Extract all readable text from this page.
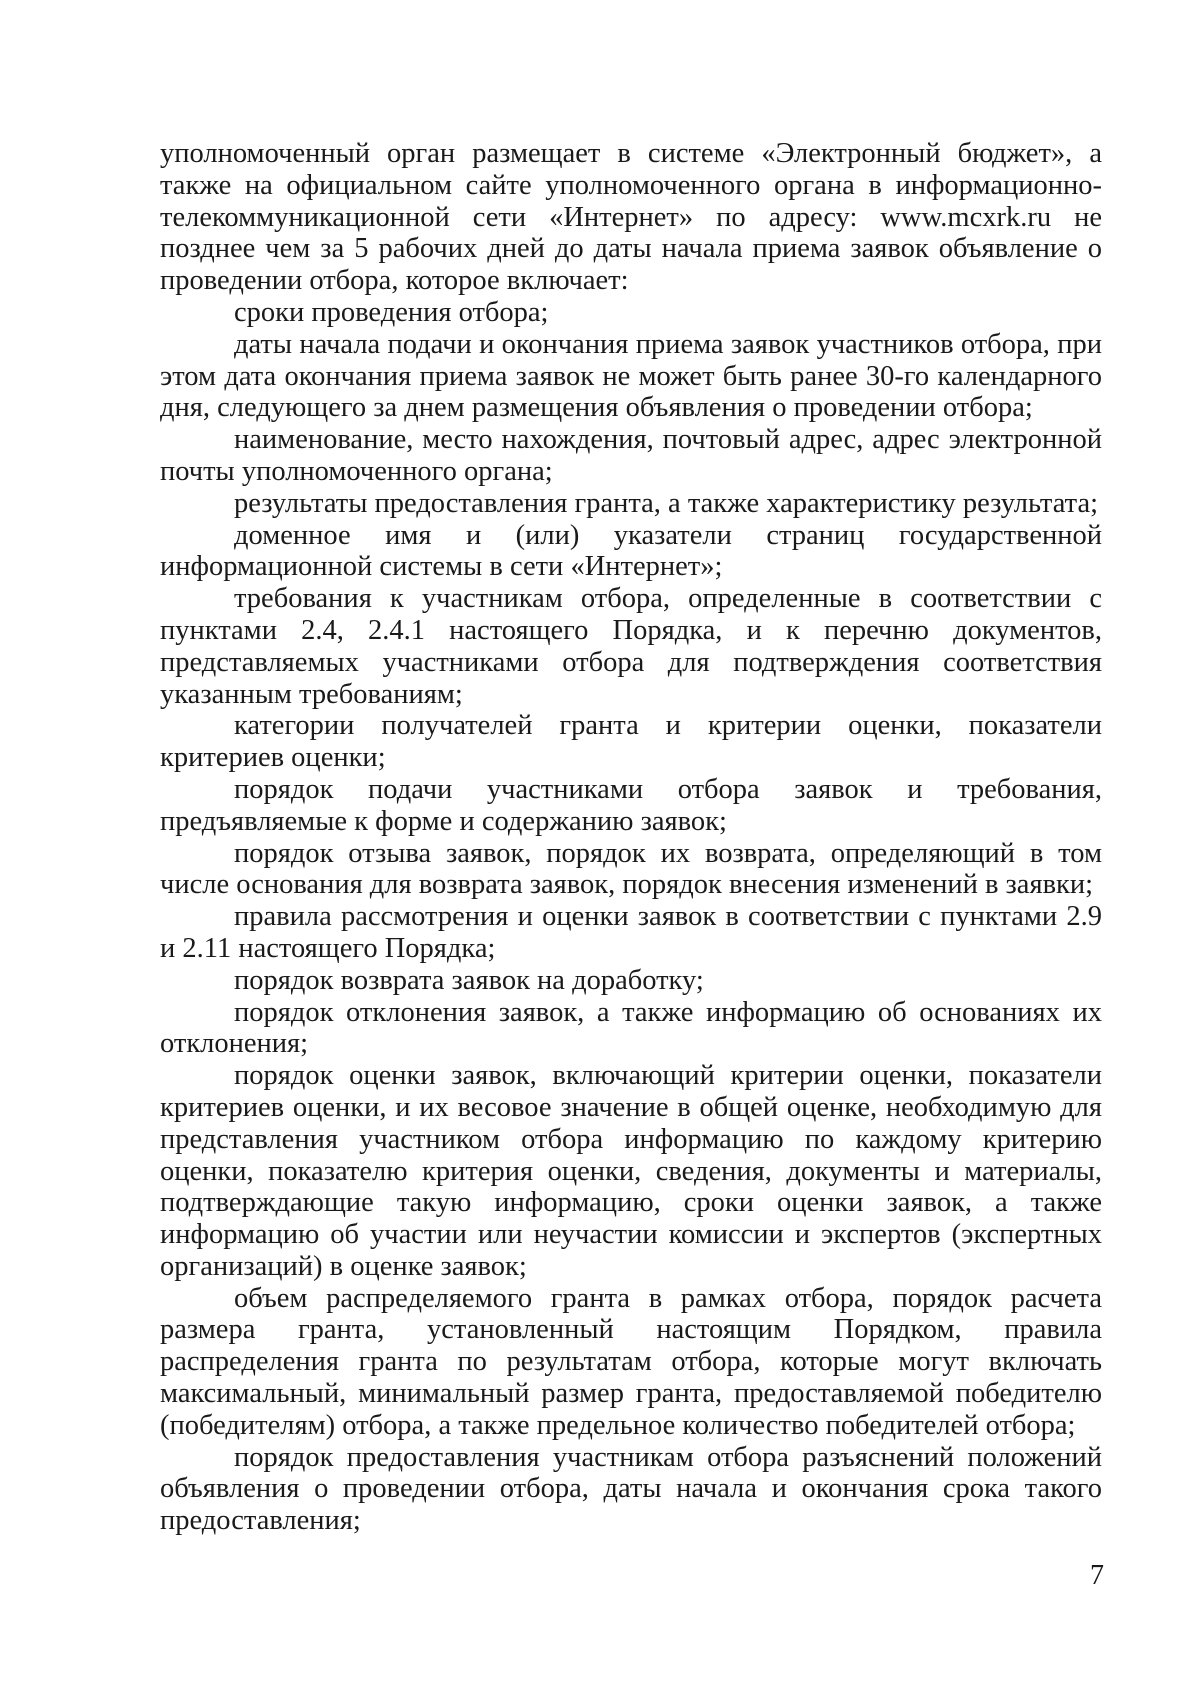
уполномоченный орган размещает в системе «Электронный бюджет», а также на официальном сайте уполномоченного органа в информационно-телекоммуникационной сети «Интернет» по адресу: www.mcxrk.ru не позднее чем за 5 рабочих дней до даты начала приема заявок объявление о проведении отбора, которое включает:

сроки проведения отбора;

даты начала подачи и окончания приема заявок участников отбора, при этом дата окончания приема заявок не может быть ранее 30-го календарного дня, следующего за днем размещения объявления о проведении отбора;

наименование, место нахождения, почтовый адрес, адрес электронной почты уполномоченного органа;

результаты предоставления гранта, а также характеристику результата;

доменное имя и (или) указатели страниц государственной информационной системы в сети «Интернет»;

требования к участникам отбора, определенные в соответствии с пунктами 2.4, 2.4.1 настоящего Порядка, и к перечню документов, представляемых участниками отбора для подтверждения соответствия указанным требованиям;

категории получателей гранта и критерии оценки, показатели критериев оценки;

порядок подачи участниками отбора заявок и требования, предъявляемые к форме и содержанию заявок;

порядок отзыва заявок, порядок их возврата, определяющий в том числе основания для возврата заявок, порядок внесения изменений в заявки;

правила рассмотрения и оценки заявок в соответствии с пунктами 2.9 и 2.11 настоящего Порядка;

порядок возврата заявок на доработку;

порядок отклонения заявок, а также информацию об основаниях их отклонения;

порядок оценки заявок, включающий критерии оценки, показатели критериев оценки, и их весовое значение в общей оценке, необходимую для представления участником отбора информацию по каждому критерию оценки, показателю критерия оценки, сведения, документы и материалы, подтверждающие такую информацию, сроки оценки заявок, а также информацию об участии или неучастии комиссии и экспертов (экспертных организаций) в оценке заявок;

объем распределяемого гранта в рамках отбора, порядок расчета размера гранта, установленный настоящим Порядком, правила распределения гранта по результатам отбора, которые могут включать максимальный, минимальный размер гранта, предоставляемой победителю (победителям) отбора, а также предельное количество победителей отбора;

порядок предоставления участникам отбора разъяснений положений объявления о проведении отбора, даты начала и окончания срока такого предоставления;

7
